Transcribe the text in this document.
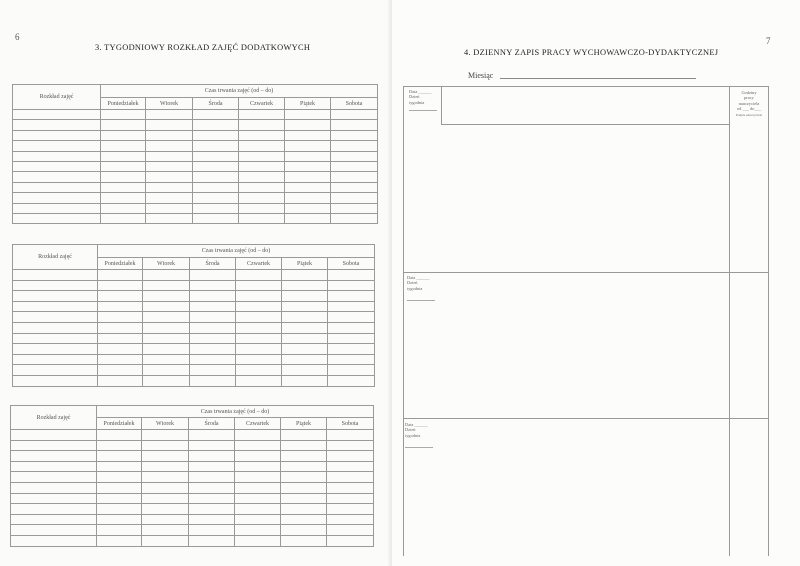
6
3. TYGODNIOWY ROZKŁAD ZAJĘĆ DODATKOWYCH
Rozkład zajęć	Czas trwania zajęć (od – do)					
	Poniedziałek	Wtorek	Środa	Czwartek	Piątek	Sobota

Rozkład zajęć	Czas trwania zajęć (od – do)					
	Poniedziałek	Wtorek	Środa	Czwartek	Piątek	Sobota

Rozkład zajęć	Czas trwania zajęć (od – do)					
	Poniedziałek	Wtorek	Środa	Czwartek	Piątek	Sobota

7
4. DZIENNY ZAPIS PRACY WYCHOWAWCZO-DYDAKTYCZNEJ
Miesiąc
Data ______
Dzień
tygodnia
Data ______
Dzień
tygodnia
Data ______
Dzień
tygodnia
Godziny
pracy
nauczyciela
od ___ do___
Podpis nauczyciela
